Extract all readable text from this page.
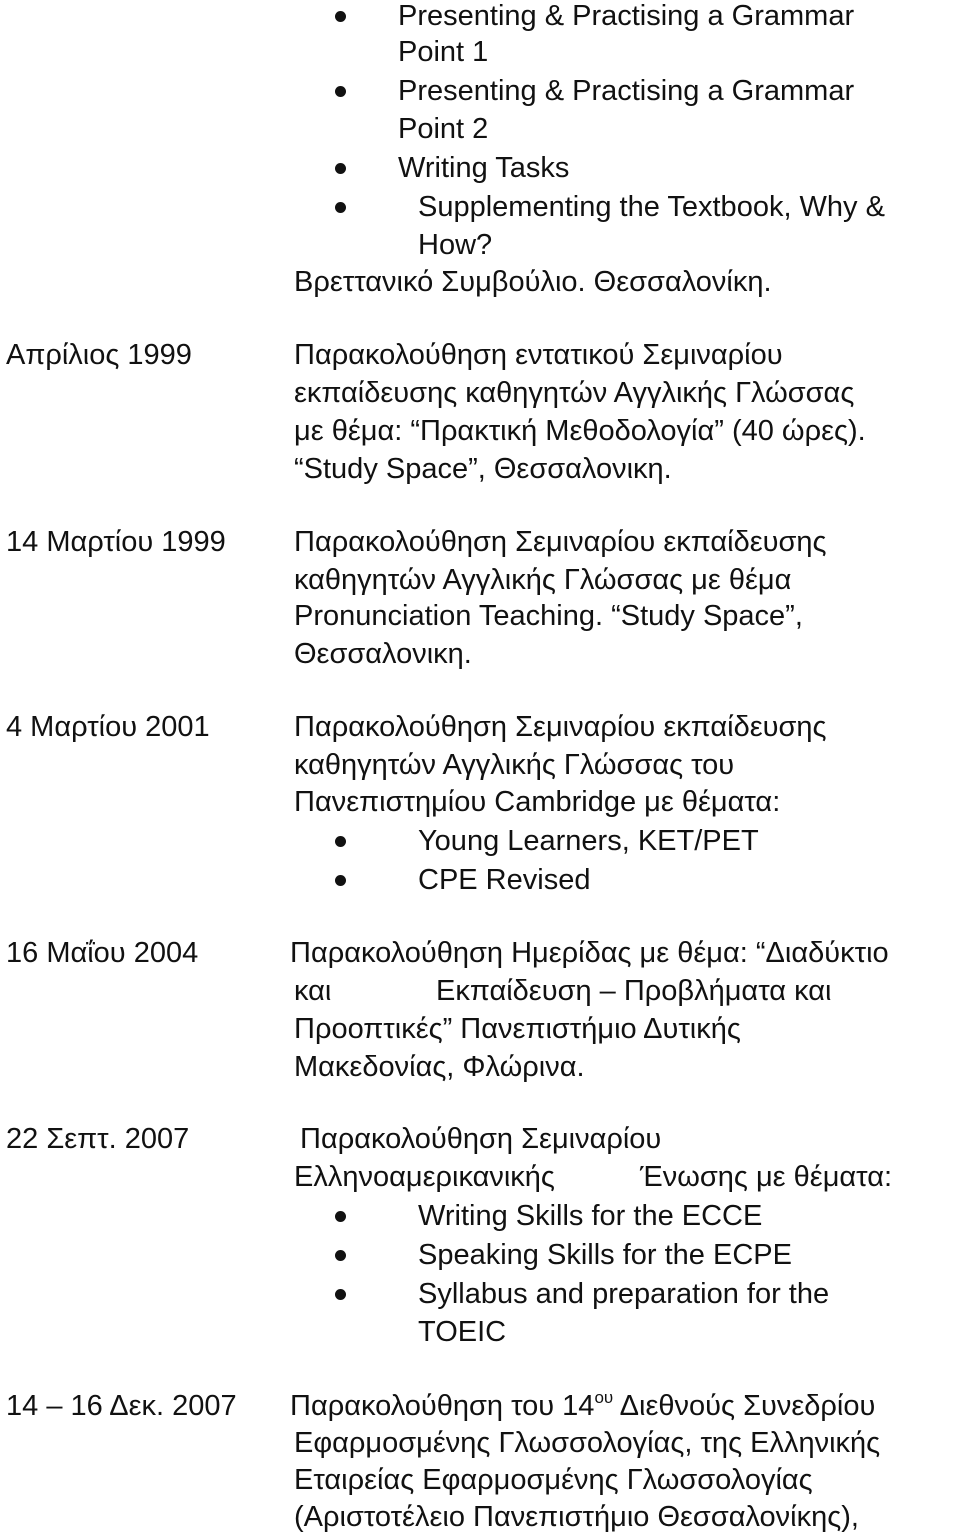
Presenting & Practising a Grammar
Point 1
Presenting & Practising a Grammar
Point 2
Writing Tasks
Supplementing the Textbook, Why &
How?
Βρεττανικό Συμβούλιο. Θεσσαλονίκη.
Απρίλιος 1999	Παρακολούθηση εντατικού Σεμιναρίου
εκπαίδευσης καθηγητών Αγγλικής Γλώσσας
με θέμα: “Πρακτική Μεθοδολογία” (40 ώρες).
“Study Space”, Θεσσαλονικη.
14 Μαρτίου 1999 Παρακολούθηση Σεμιναρίου εκπαίδευσης
καθηγητών Αγγλικής Γλώσσας με θέμα
Pronunciation Teaching. “Study Space”,
Θεσσαλονικη.
4 Μαρτίου 2001	Παρακολούθηση Σεμιναρίου εκπαίδευσης
καθηγητών Αγγλικής Γλώσσας του
Πανεπιστημίου Cambridge με θέματα:
Young Learners, KET/PET
CPE Revised
16 Μαΐου 2004	Παρακολούθηση Ημερίδας με θέμα: “Διαδύκτιο
και	Εκπαίδευση – Προβλήματα και
Προοπτικές” Πανεπιστήμιο Δυτικής
Μακεδονίας, Φλώρινα.
22 Σεπτ. 2007	Παρακολούθηση Σεμιναρίου
Ελληνοαμερικανικής	Ένωσης με θέματα:
Writing Skills for the ECCE
Speaking Skills for the ECPE
Syllabus and preparation for the
TOEIC
14 – 16 Δεκ. 2007 Παρακολούθηση του $14^{o\upsilon}$ Διεθνούς Συνεδρίου
Εφαρμοσμένης Γλωσσολογίας, της Ελληνικής
Εταιρείας Εφαρμοσμένης Γλωσσολογίας
(Αριστοτέλειο Πανεπιστήμιο Θεσσαλονίκης),
